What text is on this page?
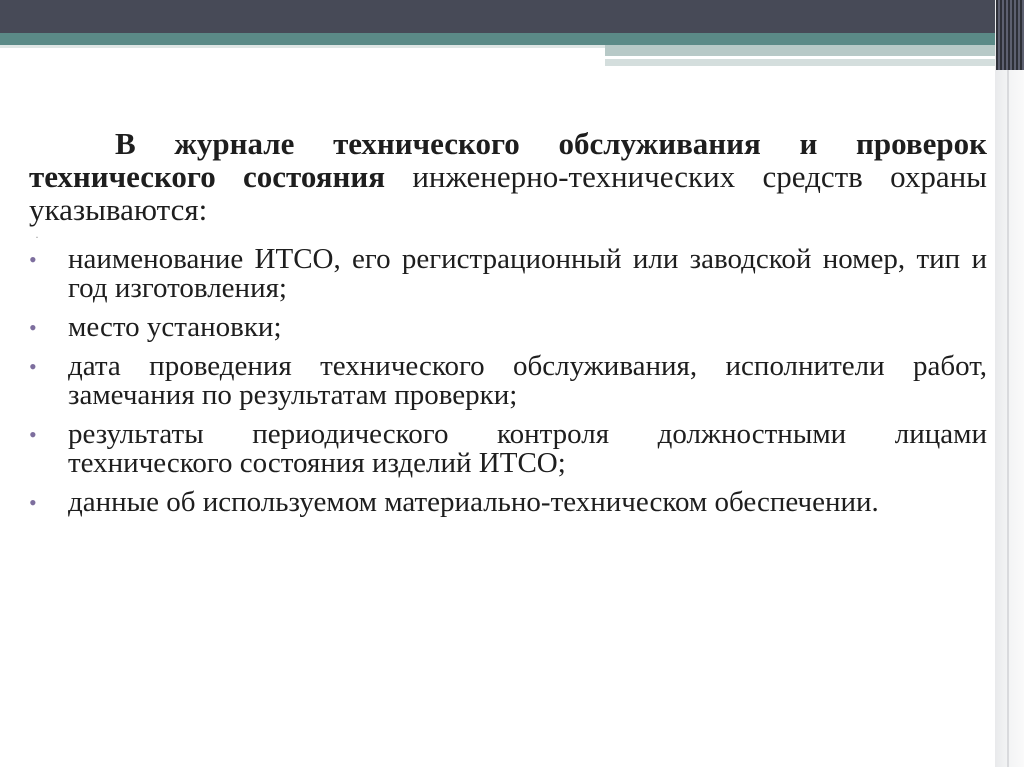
В журнале технического обслуживания и проверок технического состояния инженерно-технических средств охраны указываются:

·
•	наименование ИТСО, его регистрационный или заводской номер, тип и год изготовления;
•	место установки;
•	дата проведения технического обслуживания, исполнители работ, замечания по результатам проверки;
•	результаты периодического контроля должностными лицами технического состояния изделий ИТСО;
•	данные об используемом материально-техническом обеспечении.
